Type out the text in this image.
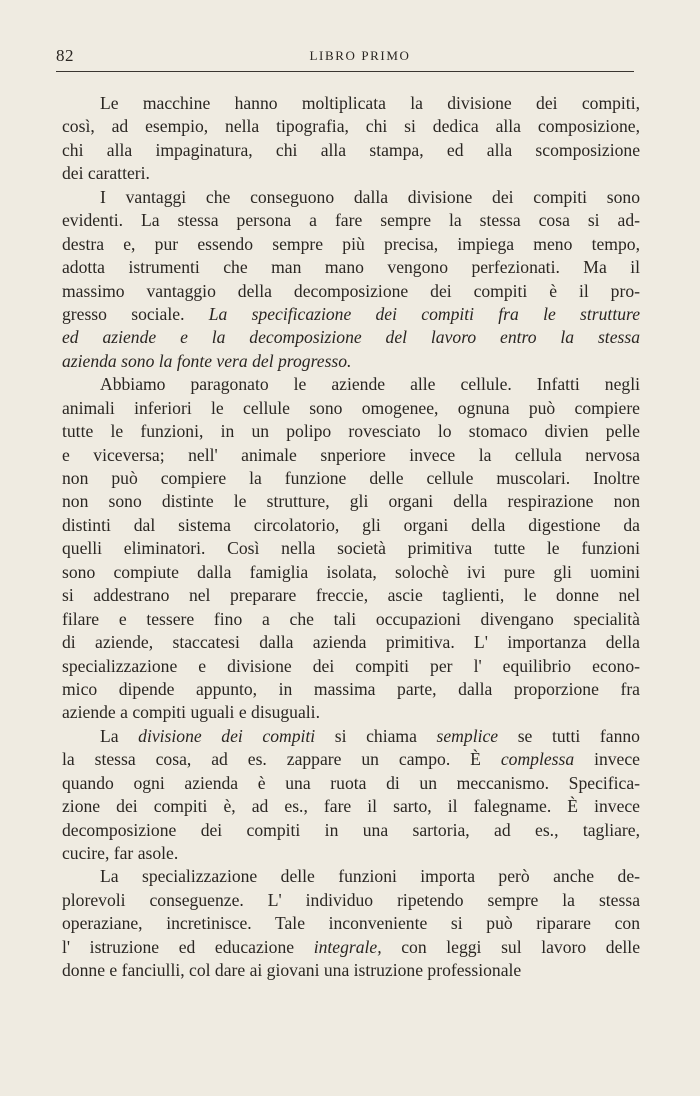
82	LIBRO PRIMO
Le macchine hanno moltiplicata la divisione dei compiti,
così, ad esempio, nella tipografia, chi si dedica alla composizione,
chi alla impaginatura, chi alla stampa, ed alla scomposizione
dei caratteri.
I vantaggi che conseguono dalla divisione dei compiti sono
evidenti. La stessa persona a fare sempre la stessa cosa si ad-
destra e, pur essendo sempre più precisa, impiega meno tempo,
adotta istrumenti che man mano vengono perfezionati. Ma il
massimo vantaggio della decomposizione dei compiti è il pro-
gresso sociale. La specificazione dei compiti fra le strutture
ed aziende e la decomposizione del lavoro entro la stessa
azienda sono la fonte vera del progresso.
Abbiamo paragonato le aziende alle cellule. Infatti negli
animali inferiori le cellule sono omogenee, ognuna può compiere
tutte le funzioni, in un polipo rovesciato lo stomaco divien pelle
e viceversa; nell' animale snperiore invece la cellula nervosa
non può compiere la funzione delle cellule muscolari. Inoltre
non sono distinte le strutture, gli organi della respirazione non
distinti dal sistema circolatorio, gli organi della digestione da
quelli eliminatori. Così nella società primitiva tutte le funzioni
sono compiute dalla famiglia isolata, solochè ivi pure gli uomini
si addestrano nel preparare freccie, ascie taglienti, le donne nel
filare e tessere fino a che tali occupazioni divengano specialità
di aziende, staccatesi dalla azienda primitiva. L' importanza della
specializzazione e divisione dei compiti per l' equilibrio econo-
mico dipende appunto, in massima parte, dalla proporzione fra
aziende a compiti uguali e disuguali.
La divisione dei compiti si chiama semplice se tutti fanno
la stessa cosa, ad es. zappare un campo. È complessa invece
quando ogni azienda è una ruota di un meccanismo. Specifica-
zione dei compiti è, ad es., fare il sarto, il falegname. È invece
decomposizione dei compiti in una sartoria, ad es., tagliare,
cucire, far asole.
La specializzazione delle funzioni importa però anche de-
plorevoli conseguenze. L' individuo ripetendo sempre la stessa
operaziane, incretinisce. Tale inconveniente si può riparare con
l' istruzione ed educazione integrale, con leggi sul lavoro delle
donne e fanciulli, col dare ai giovani una istruzione professionale
